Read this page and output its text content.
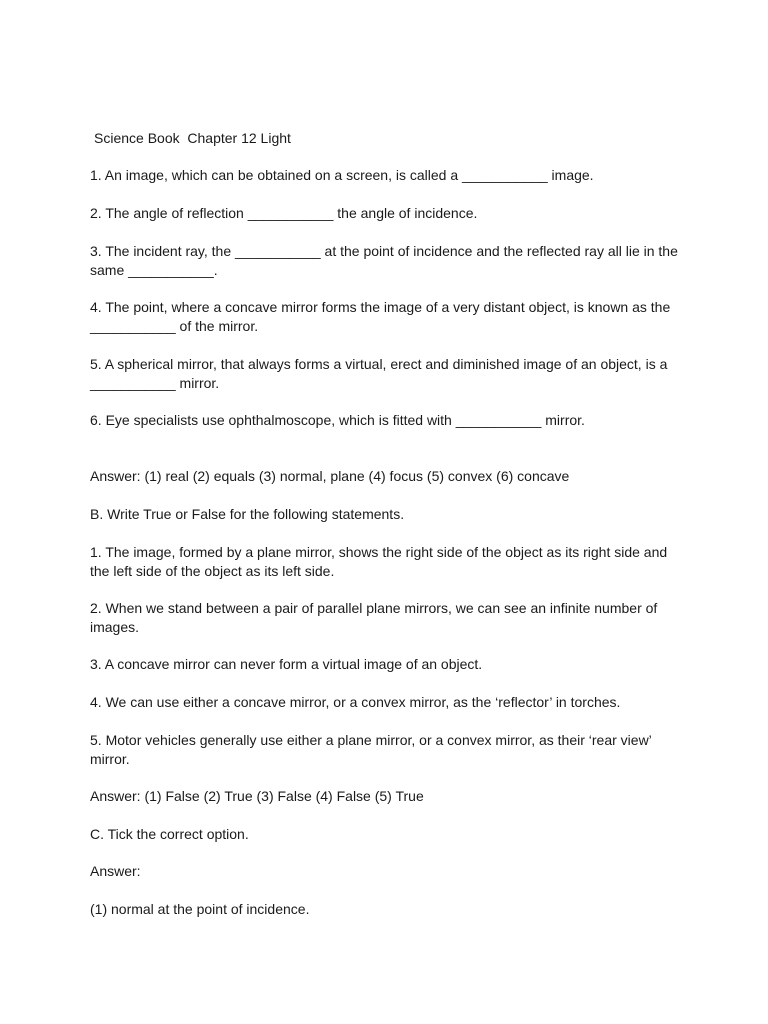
Science Book  Chapter 12 Light
1. An image, which can be obtained on a screen, is called a ___________ image.
2. The angle of reflection ___________ the angle of incidence.
3. The incident ray, the ___________ at the point of incidence and the reflected ray all lie in the same ___________.
4. The point, where a concave mirror forms the image of a very distant object, is known as the ___________ of the mirror.
5. A spherical mirror, that always forms a virtual, erect and diminished image of an object, is a ___________ mirror.
6. Eye specialists use ophthalmoscope, which is fitted with ___________ mirror.
Answer: (1) real (2) equals (3) normal, plane (4) focus (5) convex (6) concave
B. Write True or False for the following statements.
1. The image, formed by a plane mirror, shows the right side of the object as its right side and the left side of the object as its left side.
2. When we stand between a pair of parallel plane mirrors, we can see an infinite number of images.
3. A concave mirror can never form a virtual image of an object.
4. We can use either a concave mirror, or a convex mirror, as the ‘reflector’ in torches.
5. Motor vehicles generally use either a plane mirror, or a convex mirror, as their ‘rear view’ mirror.
Answer: (1) False (2) True (3) False (4) False (5) True
C. Tick the correct option.
Answer:
(1) normal at the point of incidence.
